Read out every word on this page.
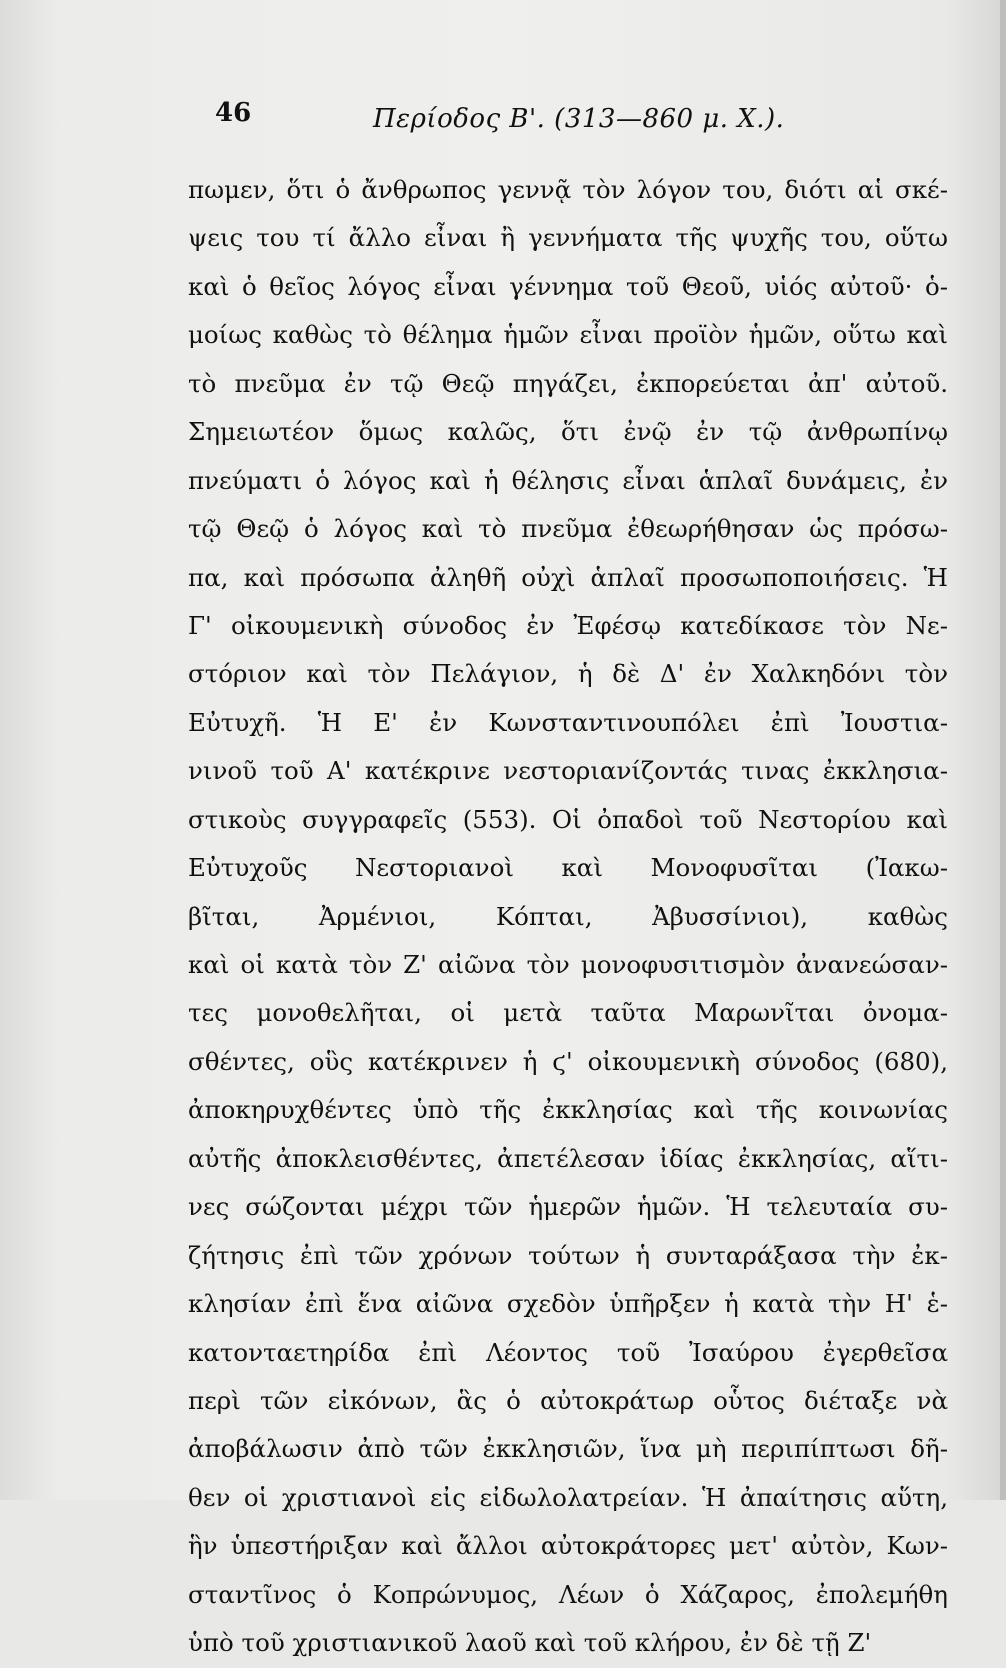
46	Περίοδος Β'. (313—860 μ. Χ.).
πωμεν, ὅτι ὁ ἄνθρωπος γεννᾷ τὸν λόγον του, διότι αἱ σκέ-
ψεις του τί ἄλλο εἶναι ἢ γεννήματα τῆς ψυχῆς του, οὕτω
καὶ ὁ θεῖος λόγος εἶναι γέννημα τοῦ Θεοῦ, υἱός αὐτοῦ· ὁ-
μοίως καθὼς τὸ θέλημα ἡμῶν εἶναι προϊὸν ἡμῶν, οὕτω καὶ
τὸ πνεῦμα ἐν τῷ Θεῷ πηγάζει, ἐκπορεύεται ἀπ' αὐτοῦ.
Σημειωτέον ὅμως καλῶς, ὅτι ἐνῷ ἐν τῷ ἀνθρωπίνῳ
πνεύματι ὁ λόγος καὶ ἡ θέλησις εἶναι ἁπλαῖ δυνάμεις, ἐν
τῷ Θεῷ ὁ λόγος καὶ τὸ πνεῦμα ἐθεωρήθησαν ὡς πρόσω-
πα, καὶ πρόσωπα ἀληθῆ οὐχὶ ἁπλαῖ προσωποποιήσεις. Ἡ
Γ' οἰκουμενικὴ σύνοδος ἐν Ἐφέσῳ κατεδίκασε τὸν Νε-
στόριον καὶ τὸν Πελάγιον, ἡ δὲ Δ' ἐν Χαλκηδόνι τὸν
Εὐτυχῆ. Ἡ Ε' ἐν Κωνσταντινουπόλει ἐπὶ Ἰουστια-
νινοῦ τοῦ Α' κατέκρινε νεστοριανίζοντάς τινας ἐκκλησια-
στικοὺς συγγραφεῖς (553). Οἱ ὀπαδοὶ τοῦ Νεστορίου καὶ
Εὐτυχοῦς Νεστοριανοὶ καὶ Μονοφυσῖται (Ἰακω-
βῖται, Ἀρμένιοι, Κόπται, Ἀβυσσίνιοι), καθὼς
καὶ οἱ κατὰ τὸν Ζ' αἰῶνα τὸν μονοφυσιτισμὸν ἀνανεώσαν-
τες μονοθελῆται, οἱ μετὰ ταῦτα Μαρωνῖται ὀνομα-
σθέντες, οὓς κατέκρινεν ἡ ϛ' οἰκουμενικὴ σύνοδος (680),
ἀποκηρυχθέντες ὑπὸ τῆς ἐκκλησίας καὶ τῆς κοινωνίας
αὐτῆς ἀποκλεισθέντες, ἀπετέλεσαν ἰδίας ἐκκλησίας, αἵτι-
νες σώζονται μέχρι τῶν ἡμερῶν ἡμῶν. Ἡ τελευταία συ-
ζήτησις ἐπὶ τῶν χρόνων τούτων ἡ συνταράξασα τὴν ἐκ-
κλησίαν ἐπὶ ἕνα αἰῶνα σχεδὸν ὑπῆρξεν ἡ κατὰ τὴν Η' ἑ-
κατονταετηρίδα ἐπὶ Λέοντος τοῦ Ἰσαύρου ἐγερθεῖσα
περὶ τῶν εἰκόνων, ἃς ὁ αὐτοκράτωρ οὗτος διέταξε νὰ
ἀποβάλωσιν ἀπὸ τῶν ἐκκλησιῶν, ἵνα μὴ περιπίπτωσι δῆ-
θεν οἱ χριστιανοὶ εἰς εἰδωλολατρείαν. Ἡ ἀπαίτησις αὕτη,
ἣν ὑπεστήριξαν καὶ ἄλλοι αὐτοκράτορες μετ' αὐτὸν, Κων-
σταντῖνος ὁ Κοπρώνυμος, Λέων ὁ Χάζαρος, ἐπολεμήθη
ὑπὸ τοῦ χριστιανικοῦ λαοῦ καὶ τοῦ κλήρου, ἐν δὲ τῇ Ζ'
